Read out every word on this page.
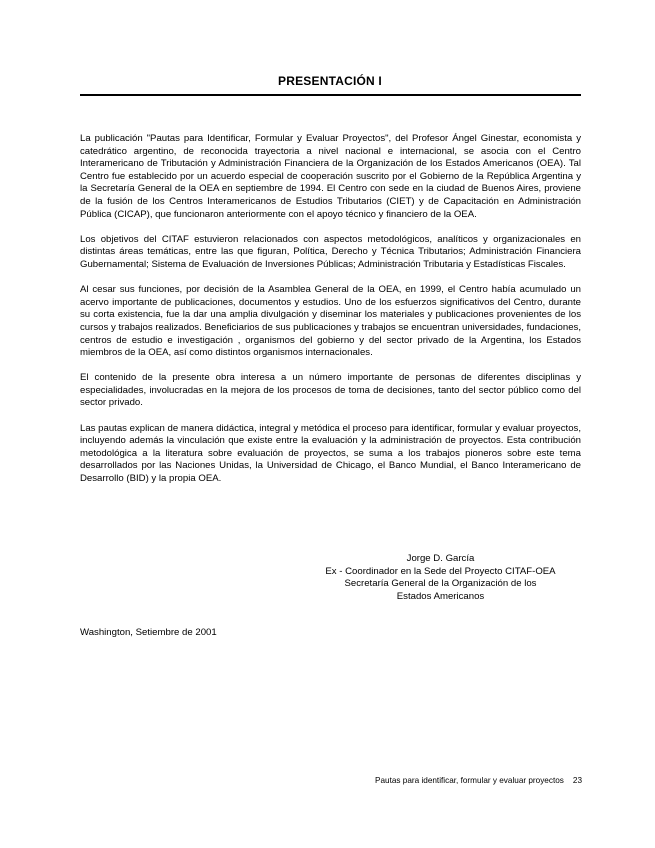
PRESENTACIÓN I

La publicación "Pautas para Identificar, Formular y Evaluar Proyectos", del Profesor Ángel Ginestar, economista y catedrático argentino, de reconocida trayectoria a nivel nacional e internacional, se asocia con el Centro Interamericano de Tributación y Administración Financiera de la Organización de los Estados Americanos (OEA). Tal Centro fue establecido por un acuerdo especial de cooperación suscrito por el Gobierno de la República Argentina y la Secretaría General de la OEA en septiembre de 1994. El Centro con sede en la ciudad de Buenos Aires, proviene de la fusión de los Centros Interamericanos de Estudios Tributarios (CIET) y de Capacitación en Administración Pública (CICAP), que funcionaron anteriormente con el apoyo técnico y financiero de la OEA.

Los objetivos del CITAF estuvieron relacionados con aspectos metodológicos, analíticos y organizacionales en distintas áreas temáticas, entre las que figuran, Política, Derecho y Técnica Tributarios; Administración Financiera Gubernamental; Sistema de Evaluación de Inversiones Públicas; Administración Tributaria y Estadísticas Fiscales.

Al cesar sus funciones, por decisión de la Asamblea General de la OEA, en 1999, el Centro había acumulado un acervo importante de publicaciones, documentos y estudios. Uno de los esfuerzos significativos del Centro, durante su corta existencia, fue la dar una amplia divulgación y diseminar los materiales y publicaciones provenientes de los cursos y trabajos realizados. Beneficiarios de sus publicaciones y trabajos se encuentran universidades, fundaciones, centros de estudio e investigación , organismos del gobierno y del sector privado de la Argentina, los Estados miembros de la OEA, así como distintos organismos internacionales.

El contenido de la presente obra interesa a un número importante de personas de diferentes disciplinas y especialidades, involucradas en la mejora de los procesos de toma de decisiones, tanto del sector público como del sector privado.

Las pautas explican de manera didáctica, integral y metódica el proceso para identificar, formular y evaluar proyectos, incluyendo además la vinculación que existe entre la evaluación y la administración de proyectos. Esta contribución metodológica a la literatura sobre evaluación de proyectos, se suma a los trabajos pioneros sobre este tema desarrollados por las Naciones Unidas, la Universidad de Chicago, el Banco Mundial, el Banco Interamericano de Desarrollo (BID) y la propia OEA.

Jorge D. García
Ex - Coordinador en la Sede del Proyecto CITAF-OEA
Secretaría General de la Organización de los
Estados Americanos
Washington, Setiembre de 2001
Pautas para identificar, formular y evaluar proyectos 23
